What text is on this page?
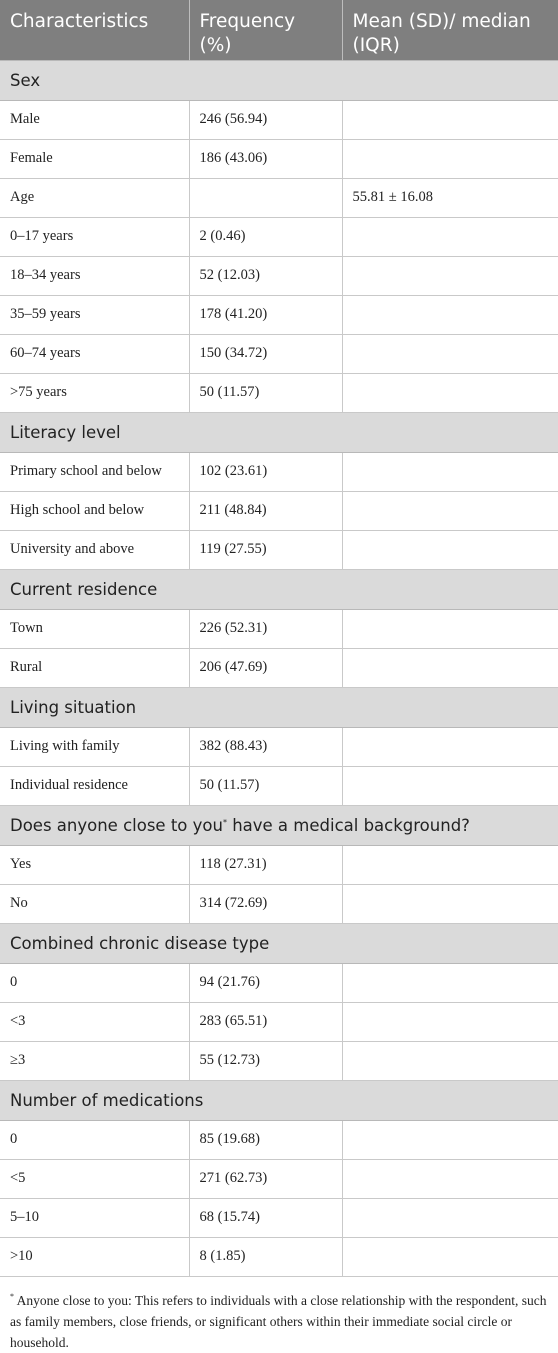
Characteristics	Frequency (%)	Mean (SD)/ median (IQR)
Sex		
Male	246 (56.94)	
Female	186 (43.06)	
Age		55.81 ± 16.08
0–17 years	2 (0.46)	
18–34 years	52 (12.03)	
35–59 years	178 (41.20)	
60–74 years	150 (34.72)	
>75 years	50 (11.57)	
Literacy level		
Primary school and below	102 (23.61)	
High school and below	211 (48.84)	
University and above	119 (27.55)	
Current residence		
Town	226 (52.31)	
Rural	206 (47.69)	
Living situation		
Living with family	382 (88.43)	
Individual residence	50 (11.57)	
Does anyone close to you* have a medical background?		
Yes	118 (27.31)	
No	314 (72.69)	
Combined chronic disease type		
0	94 (21.76)	
<3	283 (65.51)	
≥3	55 (12.73)	
Number of medications		
0	85 (19.68)	
<5	271 (62.73)	
5–10	68 (15.74)	
>10	8 (1.85)	
* Anyone close to you: This refers to individuals with a close relationship with the respondent, such as family members, close friends, or significant others within their immediate social circle or household.
